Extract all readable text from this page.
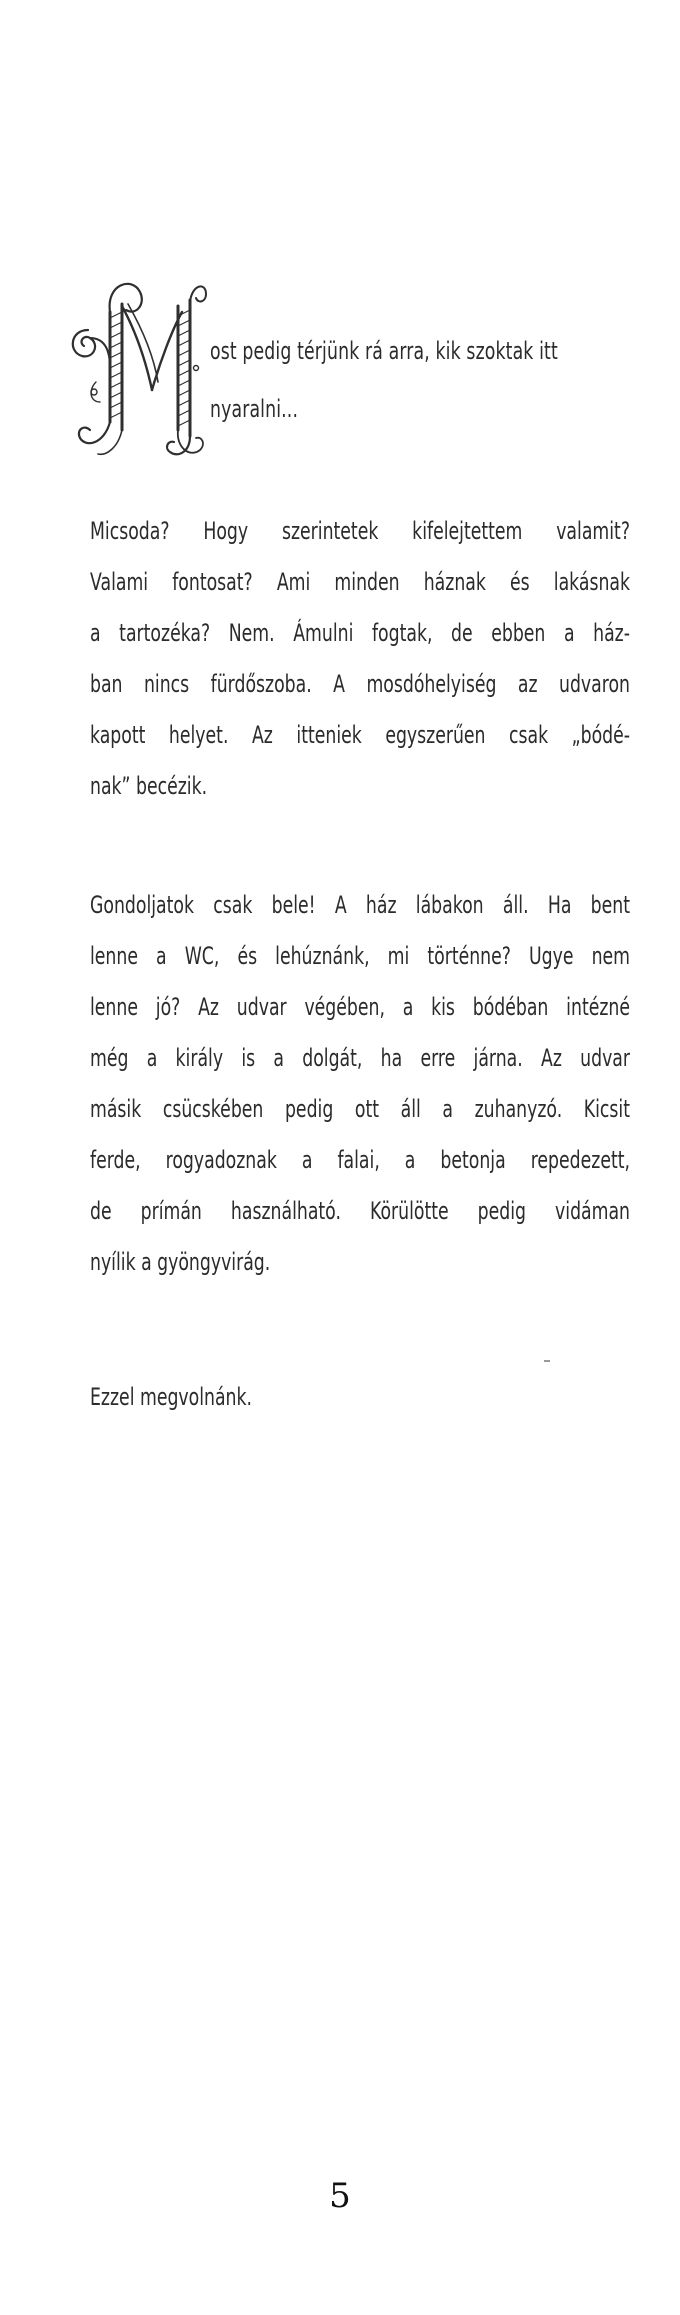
ost pedig térjünk rá arra, kik szoktak itt
nyaralni...
Micsoda? Hogy szerintetek kifelejtettem valamit?
Valami fontosat? Ami minden háznak és lakásnak
a tartozéka? Nem. Ámulni fogtak, de ebben a ház-
ban nincs fürdőszoba. A mosdóhelyiség az udvaron
kapott helyet. Az itteniek egyszerűen csak „bódé-
nak” becézik.
Gondoljatok csak bele! A ház lábakon áll. Ha bent
lenne a WC, és lehúznánk, mi történne? Ugye nem
lenne jó? Az udvar végében, a kis bódéban intézné
még a király is a dolgát, ha erre járna. Az udvar
másik csücskében pedig ott áll a zuhanyzó. Kicsit
ferde, rogyadoznak a falai, a betonja repedezett,
de prímán használható. Körülötte pedig vidáman
nyílik a gyöngyvirág.
Ezzel megvolnánk.
5
